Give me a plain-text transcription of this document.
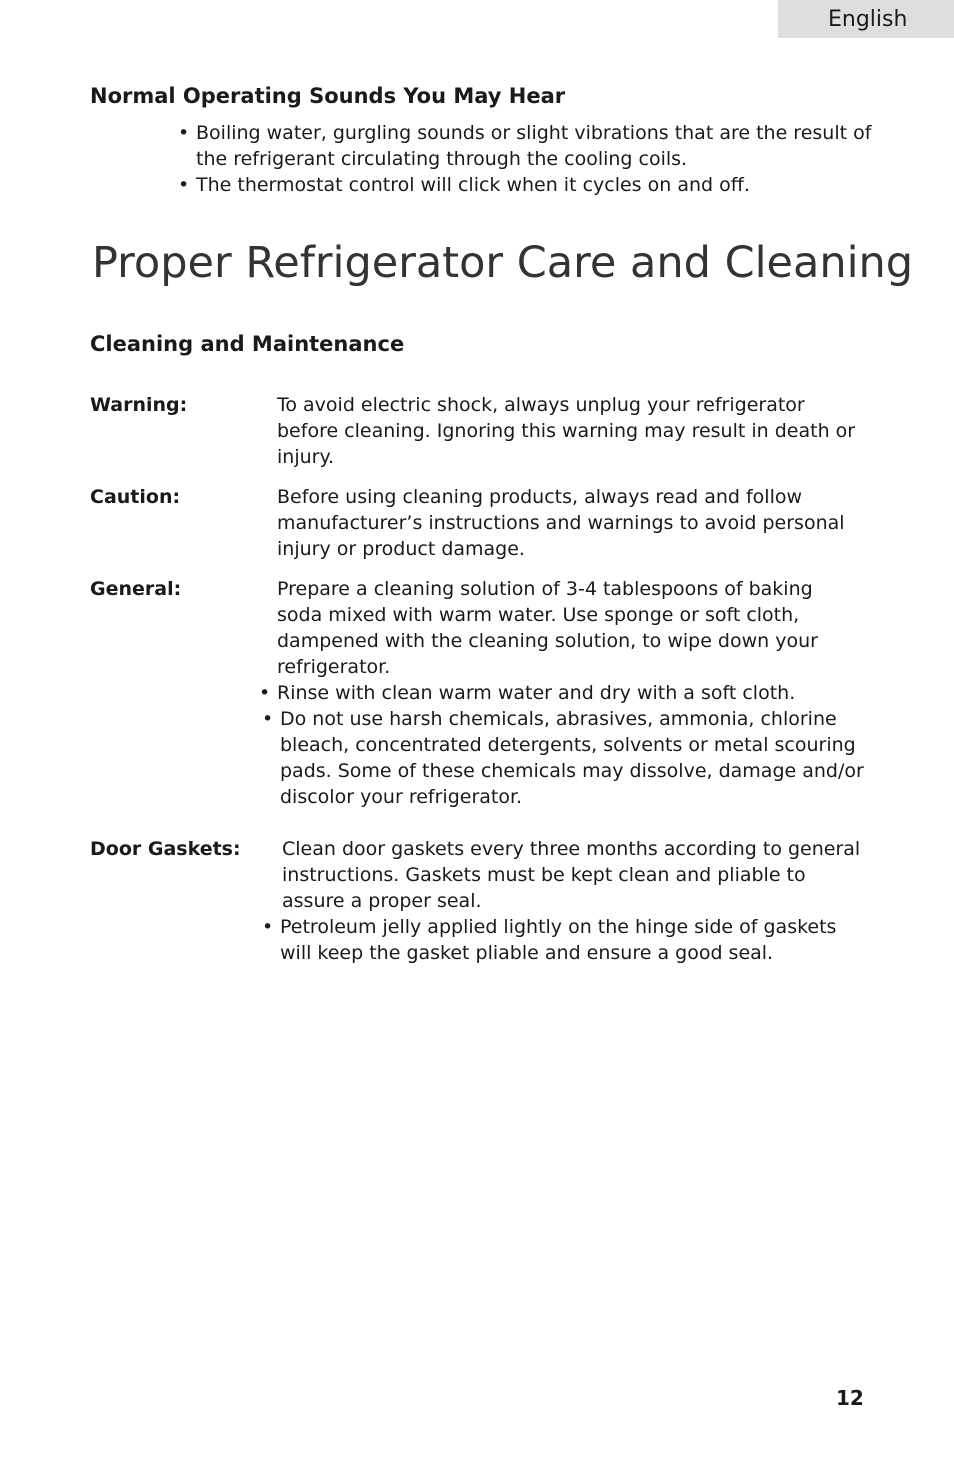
English
Normal Operating Sounds You May Hear
• Boiling water, gurgling sounds or slight vibrations that are the result of the refrigerant circulating through the cooling coils.
• The thermostat control will click when it cycles on and off.
Proper Refrigerator Care and Cleaning
Cleaning and Maintenance
Warning:	To avoid electric shock, always unplug your refrigerator before cleaning. Ignoring this warning may result in death or injury.

Caution:	Before using cleaning products, always read and follow manufacturer’s instructions and warnings to avoid personal injury or product damage.

General:	Prepare a cleaning solution of 3-4 tablespoons of baking soda mixed with warm water. Use sponge or soft cloth, dampened with the cleaning solution, to wipe down your refrigerator.

• Rinse with clean warm water and dry with a soft cloth.
• Do not use harsh chemicals, abrasives, ammonia, chlorine bleach, concentrated detergents, solvents or metal scouring pads. Some of these chemicals may dissolve, damage and/or discolor your refrigerator.
Door Gaskets: Clean door gaskets every three months according to general instructions. Gaskets must be kept clean and pliable to assure a proper seal.

• Petroleum jelly applied lightly on the hinge side of gaskets will keep the gasket pliable and ensure a good seal.
12
